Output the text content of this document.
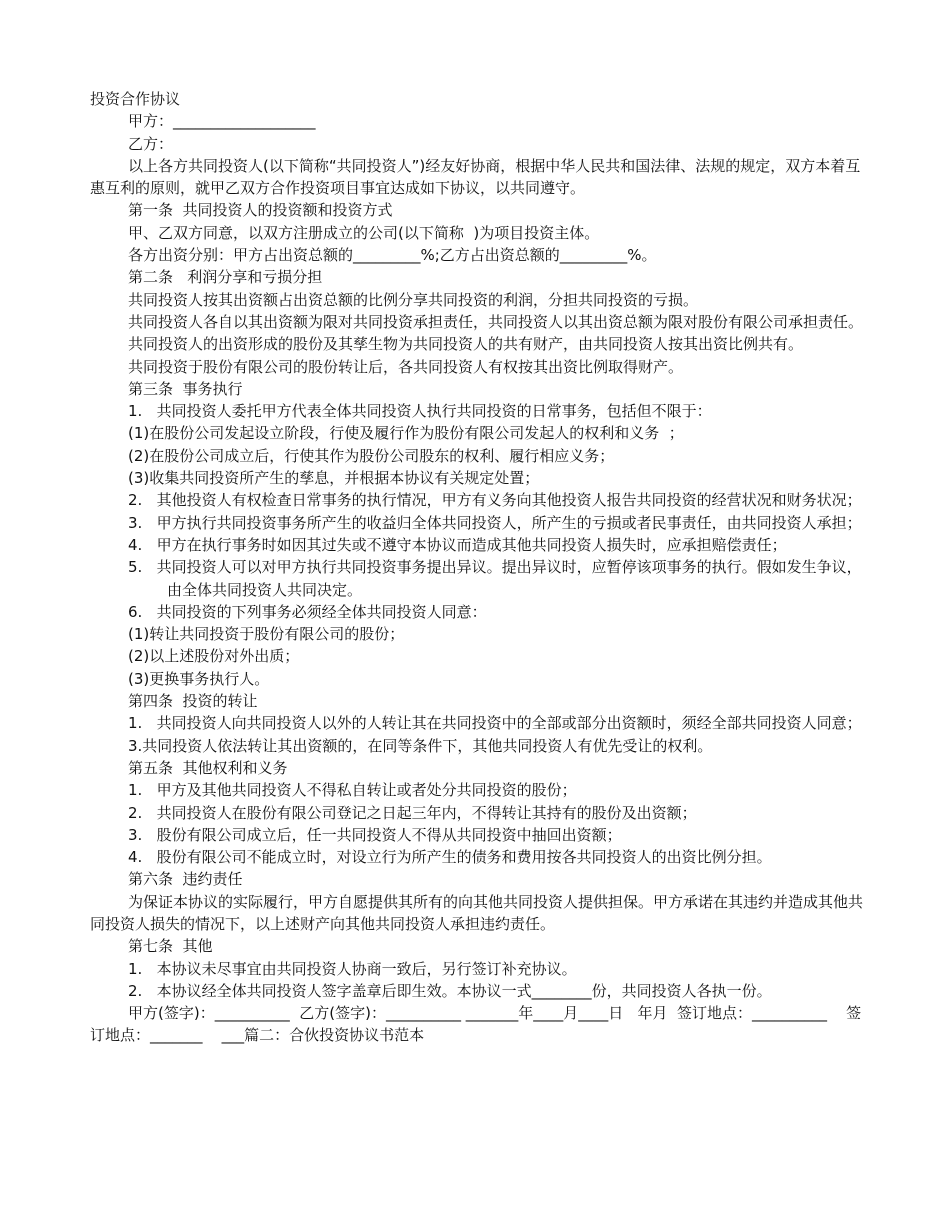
投资合作协议

甲方：___________________

乙方：

以上各方共同投资人(以下简称“共同投资人”)经友好协商，根据中华人民共和国法律、法规的规定，双方本着互惠互利的原则，就甲乙双方合作投资项目事宜达成如下协议，以共同遵守。

第一条  共同投资人的投资额和投资方式

甲、乙双方同意，以双方注册成立的公司(以下简称  )为项目投资主体。

各方出资分别：甲方占出资总额的_________%;乙方占出资总额的_________%。

第二条   利润分享和亏损分担

共同投资人按其出资额占出资总额的比例分享共同投资的利润，分担共同投资的亏损。

共同投资人各自以其出资额为限对共同投资承担责任，共同投资人以其出资总额为限对股份有限公司承担责任。

共同投资人的出资形成的股份及其孳生物为共同投资人的共有财产，由共同投资人按其出资比例共有。

共同投资于股份有限公司的股份转让后，各共同投资人有权按其出资比例取得财产。

第三条  事务执行

1.   共同投资人委托甲方代表全体共同投资人执行共同投资的日常事务，包括但不限于：

(1)在股份公司发起设立阶段，行使及履行作为股份有限公司发起人的权利和义务  ；

(2)在股份公司成立后，行使其作为股份公司股东的权利、履行相应义务；

(3)收集共同投资所产生的孳息，并根据本协议有关规定处置；

2.   其他投资人有权检查日常事务的执行情况，甲方有义务向其他投资人报告共同投资的经营状况和财务状况；

3.   甲方执行共同投资事务所产生的收益归全体共同投资人，所产生的亏损或者民事责任，由共同投资人承担；

4.   甲方在执行事务时如因其过失或不遵守本协议而造成其他共同投资人损失时，应承担赔偿责任；

5.   共同投资人可以对甲方执行共同投资事务提出异议。提出异议时，应暂停该项事务的执行。假如发生争议，由全体共同投资人共同决定。

6.   共同投资的下列事务必须经全体共同投资人同意：

(1)转让共同投资于股份有限公司的股份；

(2)以上述股份对外出质；

(3)更换事务执行人。

第四条  投资的转让

1.   共同投资人向共同投资人以外的人转让其在共同投资中的全部或部分出资额时，须经全部共同投资人同意；

3.共同投资人依法转让其出资额的，在同等条件下，其他共同投资人有优先受让的权利。

第五条  其他权利和义务

1.   甲方及其他共同投资人不得私自转让或者处分共同投资的股份；

2.   共同投资人在股份有限公司登记之日起三年内，不得转让其持有的股份及出资额；

3.   股份有限公司成立后，任一共同投资人不得从共同投资中抽回出资额；

4.   股份有限公司不能成立时，对设立行为所产生的债务和费用按各共同投资人的出资比例分担。

第六条  违约责任

为保证本协议的实际履行，甲方自愿提供其所有的向其他共同投资人提供担保。甲方承诺在其违约并造成其他共同投资人损失的情况下，以上述财产向其他共同投资人承担违约责任。

第七条  其他

1.   本协议未尽事宜由共同投资人协商一致后，另行签订补充协议。

2.   本协议经全体共同投资人签字盖章后即生效。本协议一式________份，共同投资人各执一份。

甲方(签字)：__________  乙方(签字)：__________ _______年____月____日   年月  签订地点：__________    签订地点：_______    ___篇二：合伙投资协议书范本
